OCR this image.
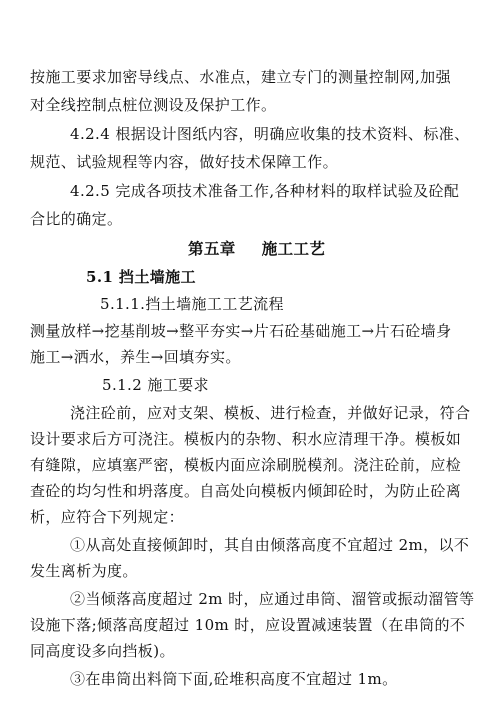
按施工要求加密导线点、水准点，建立专门的测量控制网,加强
对全线控制点桩位测设及保护工作。
4.2.4 根据设计图纸内容，明确应收集的技术资料、标准、
规范、试验规程等内容，做好技术保障工作。
4.2.5 完成各项技术准备工作,各种材料的取样试验及砼配
合比的确定。
第五章 施工工艺
5.1 挡土墙施工
5.1.1.挡土墙施工工艺流程
测量放样→挖基削坡→整平夯实→片石砼基础施工→片石砼墙身
施工→洒水，养生→回填夯实。
5.1.2 施工要求
浇注砼前，应对支架、模板、进行检查，并做好记录，符合
设计要求后方可浇注。模板内的杂物、积水应清理干净。模板如
有缝隙，应填塞严密，模板内面应涂刷脱模剂。浇注砼前，应检
查砼的均匀性和坍落度。自高处向模板内倾卸砼时，为防止砼离
析，应符合下列规定：
①从高处直接倾卸时，其自由倾落高度不宜超过 2m，以不
发生离析为度。
②当倾落高度超过 2m 时，应通过串筒、溜管或振动溜管等
设施下落;倾落高度超过 10m 时，应设置减速装置（在串筒的不
同高度设多向挡板)。
③在串筒出料筒下面,砼堆积高度不宜超过 1m。
